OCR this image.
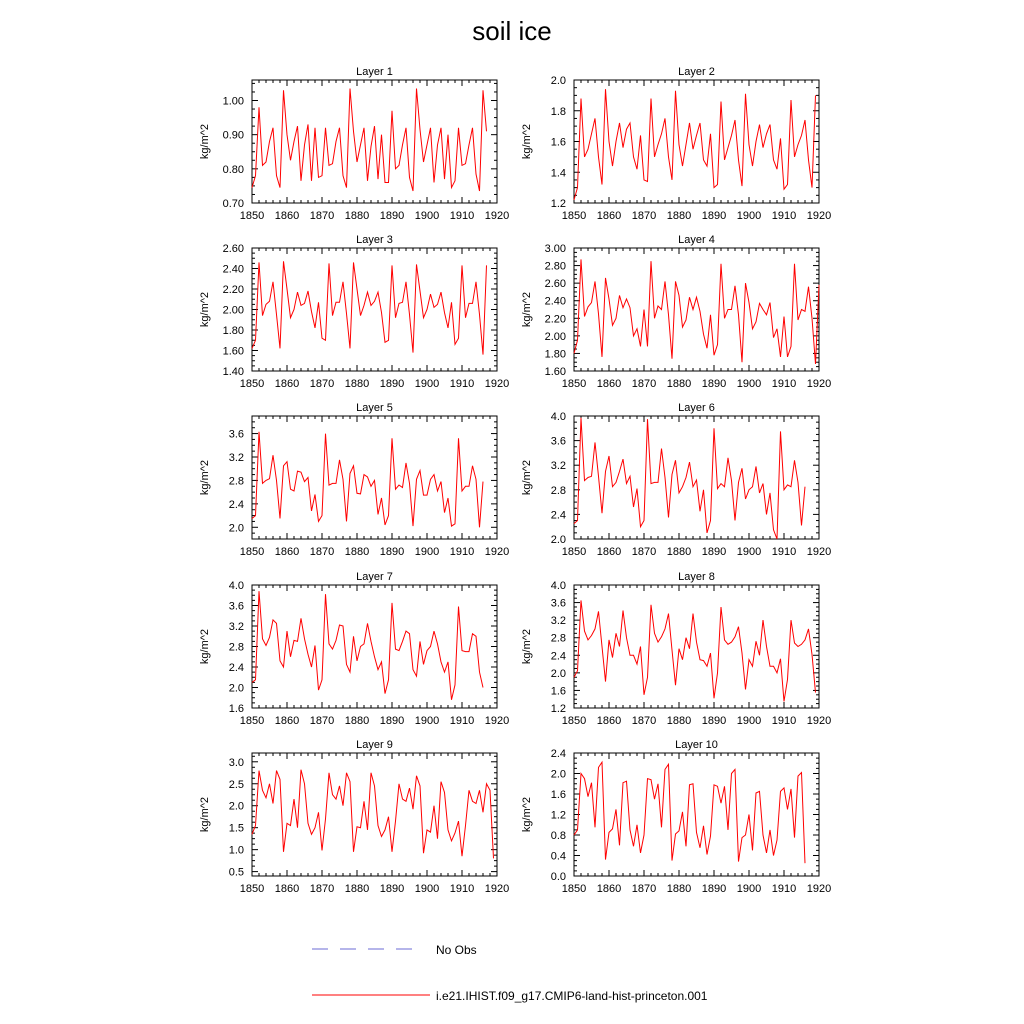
soil ice
Layer 1
1850 1860 1870 1880 1890 1900 1910 1920
0.70
0.80
0.90
1.00
kg/m^2
Layer 2
1850 1860 1870 1880 1890 1900 1910 1920
1.2
1.4
1.6
1.8
2.0
kg/m^2
Layer 3
1850 1860 1870 1880 1890 1900 1910 1920
1.40
1.60
1.80
2.00
2.20
2.40
2.60
kg/m^2
Layer 4
1850 1860 1870 1880 1890 1900 1910 1920
1.60
1.80
2.00
2.20
2.40
2.60
2.80
3.00
kg/m^2
Layer 5
1850 1860 1870 1880 1890 1900 1910 1920
2.0
2.4
2.8
3.2
3.6
kg/m^2
Layer 6
1850 1860 1870 1880 1890 1900 1910 1920
2.0
2.4
2.8
3.2
3.6
4.0
kg/m^2
Layer 7
1850 1860 1870 1880 1890 1900 1910 1920
1.6
2.0
2.4
2.8
3.2
3.6
4.0
kg/m^2
Layer 8
1850 1860 1870 1880 1890 1900 1910 1920
1.2
1.6
2.0
2.4
2.8
3.2
3.6
4.0
kg/m^2
Layer 9
1850 1860 1870 1880 1890 1900 1910 1920
0.5
1.0
1.5
2.0
2.5
3.0
kg/m^2
Layer 10
1850 1860 1870 1880 1890 1900 1910 1920
0.0
0.4
0.8
1.2
1.6
2.0
2.4
kg/m^2
No Obs
i.e21.IHIST.f09_g17.CMIP6-land-hist-princeton.001
